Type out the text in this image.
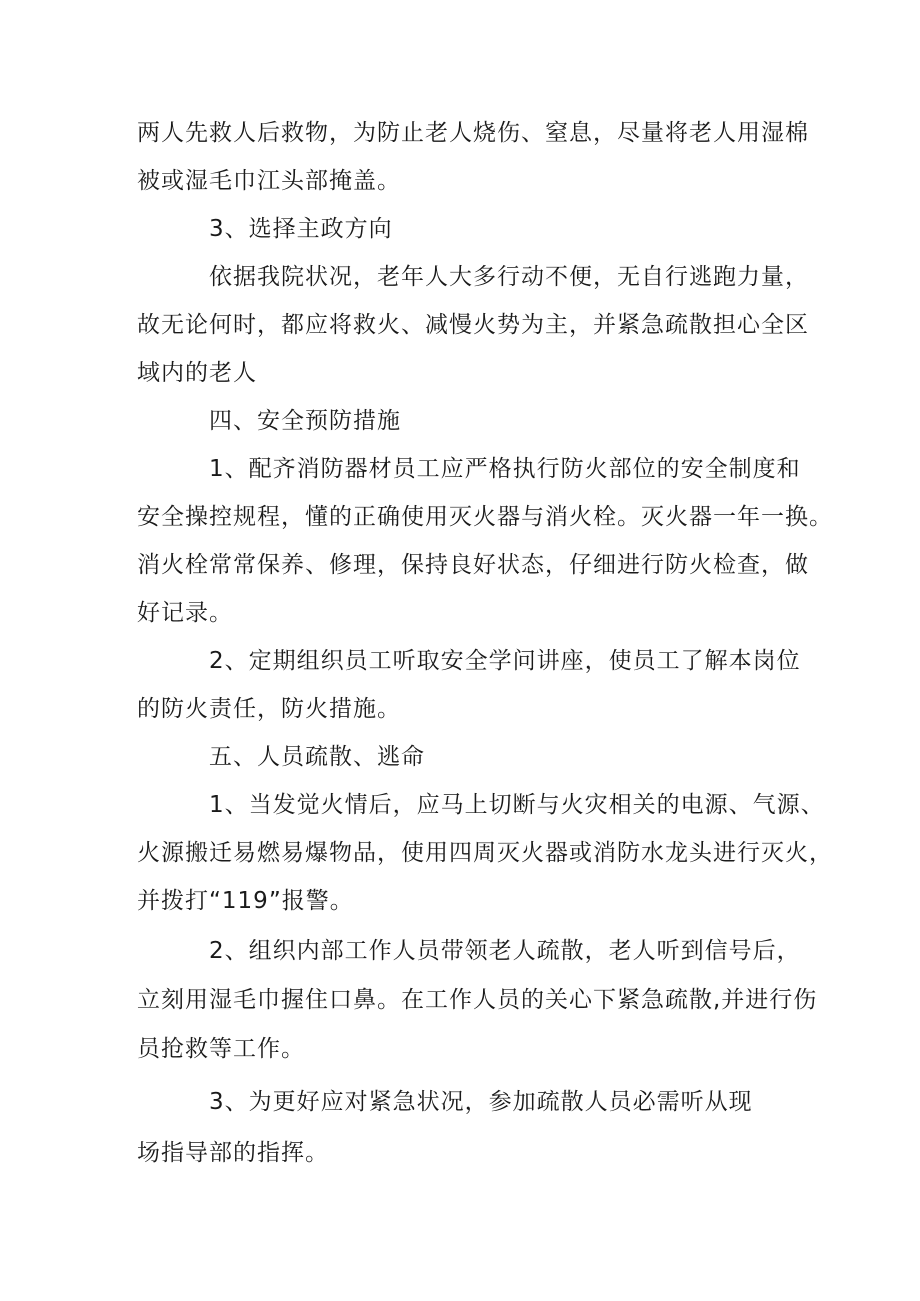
两人先救人后救物，为防止老人烧伤、窒息，尽量将老人用湿棉
被或湿毛巾江头部掩盖。
3、选择主政方向
依据我院状况，老年人大多行动不便，无自行逃跑力量，
故无论何时，都应将救火、减慢火势为主，并紧急疏散担心全区
域内的老人
四、安全预防措施
1、配齐消防器材员工应严格执行防火部位的安全制度和
安全操控规程，懂的正确使用灭火器与消火栓。灭火器一年一换。
消火栓常常保养、修理，保持良好状态，仔细进行防火检查，做
好记录。
2、定期组织员工听取安全学问讲座，使员工了解本岗位
的防火责任，防火措施。
五、人员疏散、逃命
1、当发觉火情后，应马上切断与火灾相关的电源、气源、
火源搬迁易燃易爆物品，使用四周灭火器或消防水龙头进行灭火，
并拨打“119”报警。
2、组织内部工作人员带领老人疏散，老人听到信号后，
立刻用湿毛巾握住口鼻。在工作人员的关心下紧急疏散,并进行伤
员抢救等工作。
3、为更好应对紧急状况，参加疏散人员必需听从现
场指导部的指挥。
